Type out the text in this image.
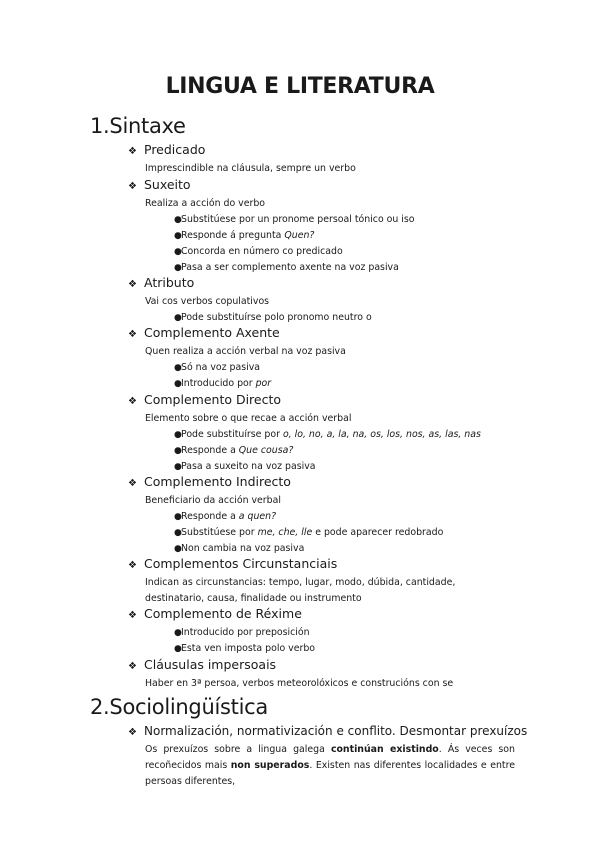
LINGUA E LITERATURA
1.Sintaxe
❖ Predicado
Imprescindible na cláusula, sempre un verbo
❖ Suxeito
Realiza a acción do verbo
● Substitúese por un pronome persoal tónico ou iso
● Responde á pregunta Quen?
● Concorda en número co predicado
● Pasa a ser complemento axente na voz pasiva
❖ Atributo
Vai cos verbos copulativos
● Pode substituírse polo pronomo neutro o
❖ Complemento Axente
Quen realiza a acción verbal na voz pasiva
● Só na voz pasiva
● Introducido por por
❖ Complemento Directo
Elemento sobre o que recae a acción verbal
● Pode substituírse por o, lo, no, a, la, na, os, los, nos, as, las, nas
● Responde a Que cousa?
● Pasa a suxeito na voz pasiva
❖ Complemento Indirecto
Beneficiario da acción verbal
● Responde a a quen?
● Substitúese por me, che, lle e pode aparecer redobrado
● Non cambia na voz pasiva
❖ Complementos Circunstanciais
Indican as circunstancias: tempo, lugar, modo, dúbida, cantidade, destinatario, causa, finalidade ou instrumento
❖ Complemento de Réxime
● Introducido por preposición
● Esta ven imposta polo verbo
❖ Cláusulas impersoais
Haber en 3ª persoa, verbos meteorolóxicos e construcións con se
2.Sociolingüística
❖ Normalización, normativización e conflito. Desmontar prexuízos
Os prexuízos sobre a lingua galega continúan existindo. Ás veces son recoñecidos mais non superados. Existen nas diferentes localidades e entre persoas diferentes,
